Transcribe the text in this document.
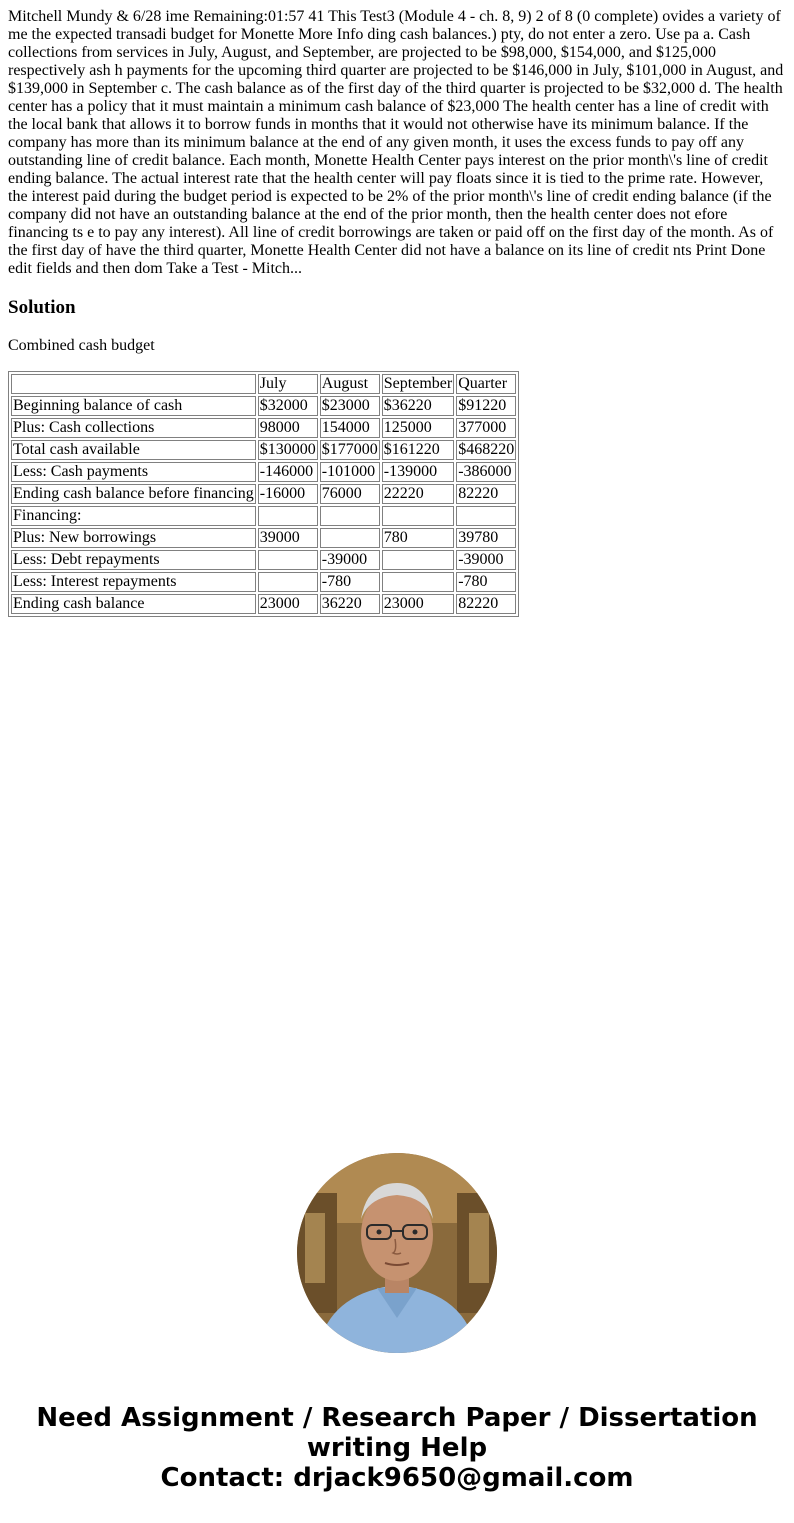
Mitchell Mundy & 6/28 ime Remaining:01:57 41 This Test3 (Module 4 - ch. 8, 9) 2 of 8 (0 complete) ovides a variety of me the expected transadi budget for Monette More Info ding cash balances.) pty, do not enter a zero. Use pa a. Cash collections from services in July, August, and September, are projected to be $98,000, $154,000, and $125,000 respectively ash h payments for the upcoming third quarter are projected to be $146,000 in July, $101,000 in August, and $139,000 in September c. The cash balance as of the first day of the third quarter is projected to be $32,000 d. The health center has a policy that it must maintain a minimum cash balance of $23,000 The health center has a line of credit with the local bank that allows it to borrow funds in months that it would not otherwise have its minimum balance. If the company has more than its minimum balance at the end of any given month, it uses the excess funds to pay off any outstanding line of credit balance. Each month, Monette Health Center pays interest on the prior month\'s line of credit ending balance. The actual interest rate that the health center will pay floats since it is tied to the prime rate. However, the interest paid during the budget period is expected to be 2% of the prior month\'s line of credit ending balance (if the company did not have an outstanding balance at the end of the prior month, then the health center does not efore financing ts e to pay any interest). All line of credit borrowings are taken or paid off on the first day of the month. As of the first day of have the third quarter, Monette Health Center did not have a balance on its line of credit nts Print Done edit fields and then dom Take a Test - Mitch...

Solution

Combined cash budget

	July	August	September	Quarter
Beginning balance of cash	$32000	$23000	$36220	$91220
Plus: Cash collections	98000	154000	125000	377000
Total cash available	$130000	$177000	$161220	$468220
Less: Cash payments	-146000	-101000	-139000	-386000
Ending cash balance before financing	-16000	76000	22220	82220
Financing:				
Plus: New borrowings	39000		780	39780
Less: Debt repayments		-39000		-39000
Less: Interest repayments		-780		-780
Ending cash balance	23000	36220	23000	82220
Need Assignment / Research Paper / Dissertation
writing Help
Contact: drjack9650@gmail.com
